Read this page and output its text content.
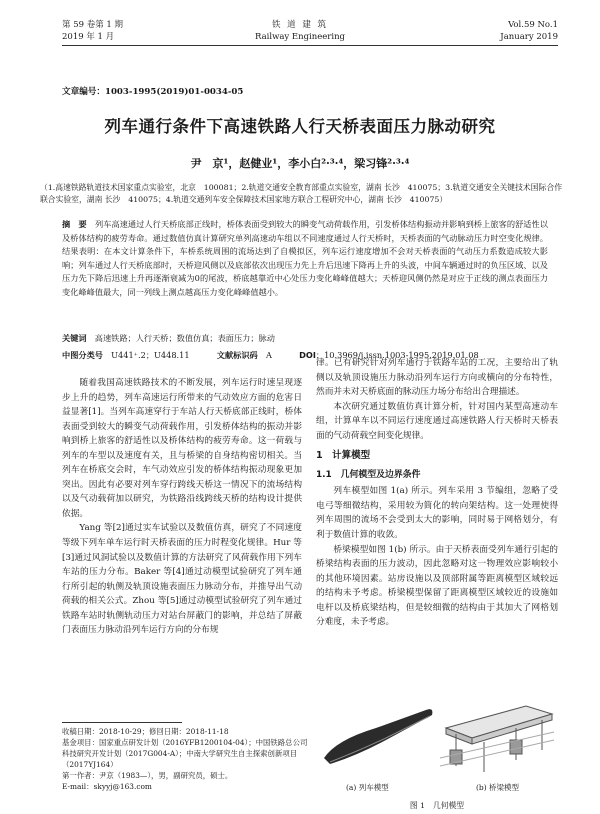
第 59 卷第 1 期
2019 年 1 月
铁 道 建 筑
Railway Engineering
Vol.59 No.1
January 2019
文章编号：1003-1995(2019)01-0034-05
列车通行条件下高速铁路人行天桥表面压力脉动研究
尹　京¹，赵健业¹，李小白²·³·⁴，梁习锋²·³·⁴
（1.高速铁路轨道技术国家重点实验室，北京　100081；2.轨道交通安全教育部重点实验室，湖南 长沙　410075；3.轨道交通安全关键技术国际合作联合实验室，湖南 长沙　410075；4.轨道交通列车安全保障技术国家地方联合工程研究中心，湖南 长沙　410075）
摘　要　 列车高速通过人行天桥底部正线时，桥体表面受到较大的瞬变气动荷载作用，引发桥体结构振动并影响到桥上旅客的舒适性以及桥体结构的疲劳寿命。通过数值仿真计算研究单列高速动车组以不同速度通过人行天桥时，天桥表面的气动脉动压力时空变化规律。结果表明：在本文计算条件下，车桥系统周围的流场达到了自模拟区，列车运行速度增加不会对天桥表面的气动压力系数造成较大影响；列车通过人行天桥底部时，天桥迎风侧以及底部依次出现压力先上升后迅速下降再上升的头波，中间车辆通过时的负压区域、以及压力先下降后迅速上升再逐渐衰减为0的尾波，桥底越靠近中心处压力变化峰峰值越大；天桥迎风侧仍然是对应于正线的测点表面压力变化峰峰值最大，同一列线上测点越高压力变化峰峰值越小。
关键词　 高速铁路；人行天桥；数值仿真；表面压力；脉动
中图分类号　 U441⁺.2；U448.11	文献标识码　 A	DOI：10.3969/j.issn.1003-1995.2019.01.08

随着我国高速铁路技术的不断发展，列车运行时速呈现逐步上升的趋势，列车高速运行所带来的气动效应方面的危害日益显著[1]。当列车高速穿行于车站人行天桥底部正线时，桥体表面受到较大的瞬变气动荷载作用，引发桥体结构的振动并影响到桥上旅客的舒适性以及桥体结构的疲劳寿命。这一荷载与列车的车型以及速度有关，且与桥梁的自身结构密切相关。当列车在桥底交会时，车气动效应引发的桥体结构振动现象更加突出。因此有必要对列车穿行跨线天桥这一情况下的流场结构以及气动载荷加以研究，为铁路沿线跨线天桥的结构设计提供依据。

Yang 等[2]通过实车试验以及数值仿真，研究了不同速度等级下列车单车运行时天桥表面的压力时程变化规律。Hur 等[3]通过风洞试验以及数值计算的方法研究了风荷载作用下列车车站的压力分布。Baker 等[4]通过动模型试验研究了列车通行所引起的轨侧及轨顶设施表面压力脉动分布，并推导出气动荷载的相关公式。Zhou 等[5]通过动模型试验研究了列车通过铁路车站时轨侧轨动压力对站台屏蔽门的影响，并总结了屏蔽门表面压力脉动沿列车运行方向的分布规

收稿日期：2018-10-29；修回日期：2018-11-18
基金项目：国家重点研发计划（2016YFB1200104-04）；中国铁路总公司科技研究开发计划（2017G004-A）；中南大学研究生自主探索创新项目（2017YJ164）
第一作者：尹京（1983—），男，副研究员，硕士。
E-mail：skyyj@163.com

律。已有研究针对列车通行于铁路车站的工况，主要给出了轨侧以及轨顶设施压力脉动沿列车运行方向或横向的分布特性，然而并未对天桥底面的脉动压力场分布给出合理描述。

本次研究通过数值仿真计算分析，针对国内某型高速动车组，计算单车以不同运行速度通过高速铁路人行天桥时天桥表面的气动荷载空间变化规律。

1　计算模型
1.1　几何模型及边界条件

列车模型如图 1(a) 所示。列车采用 3 节编组，忽略了受电弓等细微结构，采用较为简化的转向架结构。这一处理使得列车周围的流场不会受到太大的影响，同时易于网格划分，有利于数值计算的收敛。

桥梁模型如图 1(b) 所示。由于天桥表面受列车通行引起的桥梁结构表面的压力波动，因此忽略对这一物理效应影响较小的其他环境因素。站房设施以及顶部附属等距离模型区域较远的结构未予考虑。桥梁模型保留了距离模型区域较近的设施如电杆以及桥底梁结构，但是较细微的结构由于其加大了网格划分难度，未予考虑。

(a) 列车模型	(b) 桥梁模型
图 1　几何模型
